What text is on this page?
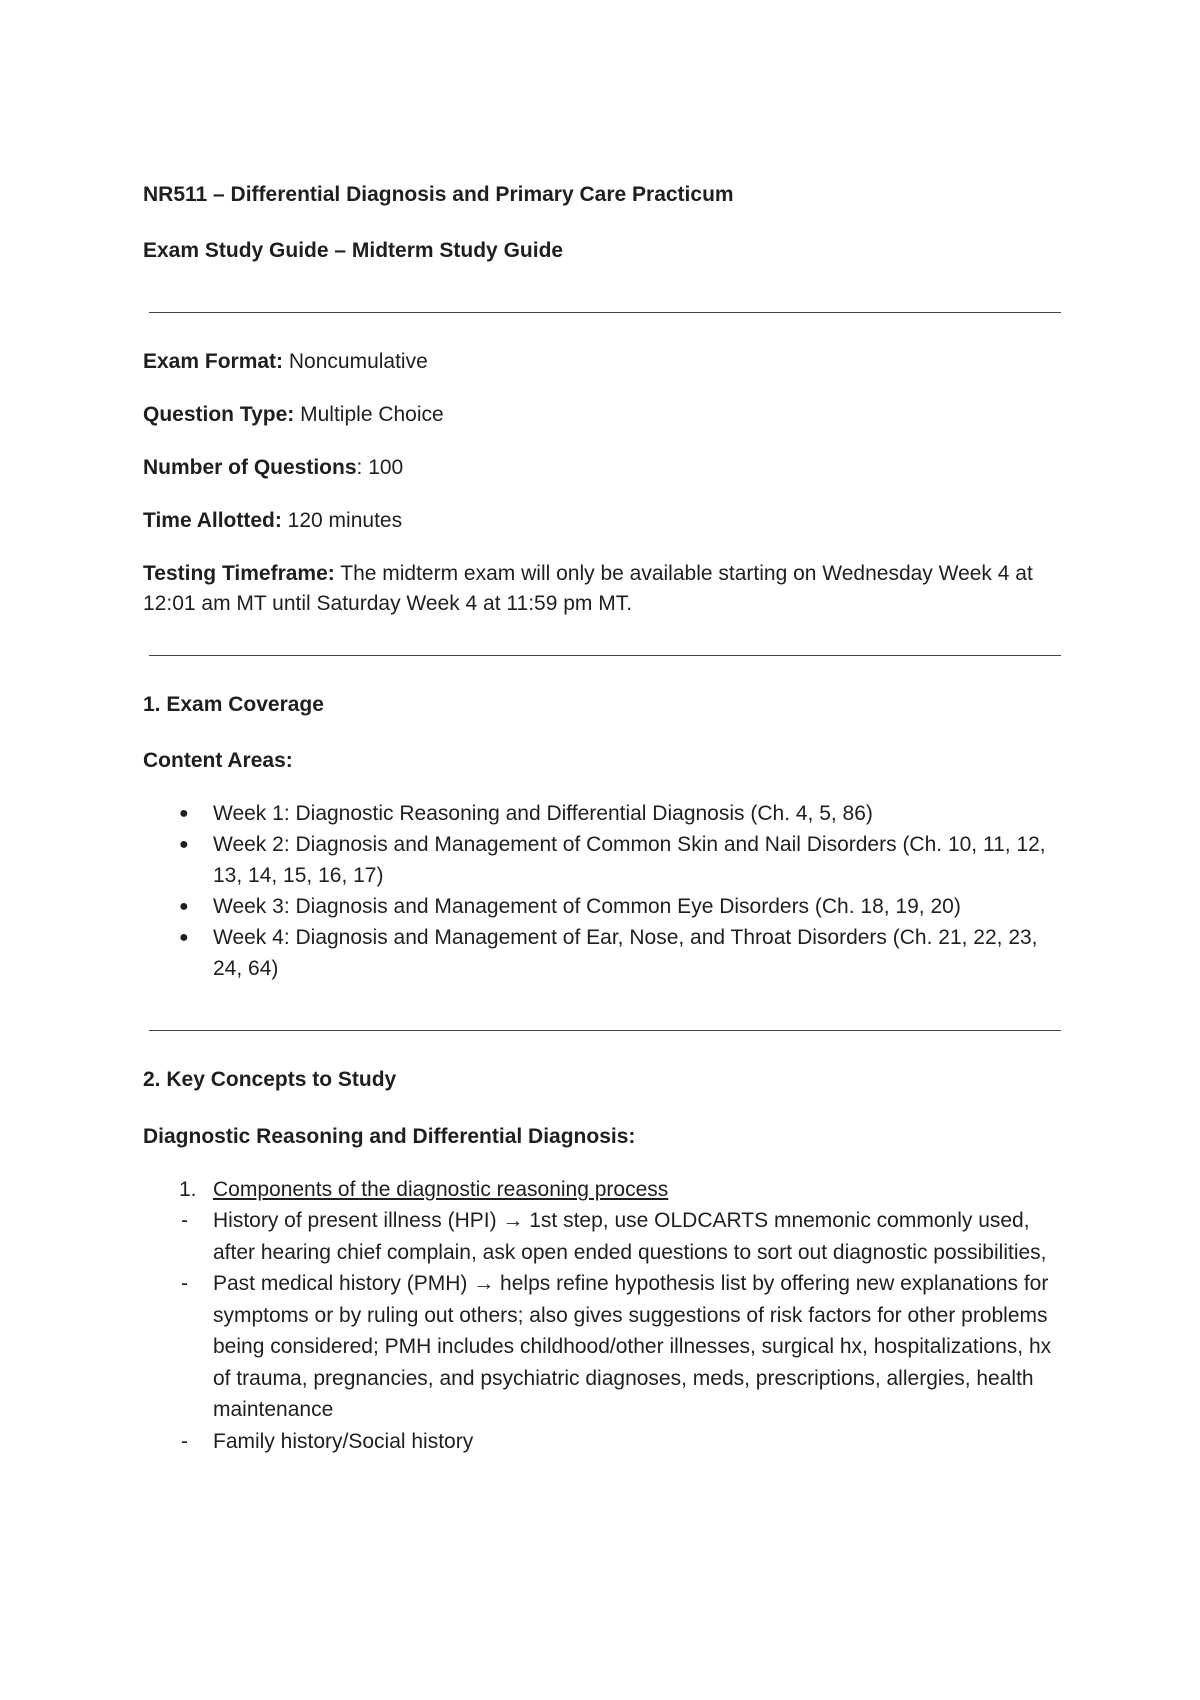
NR511 – Differential Diagnosis and Primary Care Practicum
Exam Study Guide – Midterm Study Guide

Exam Format: Noncumulative

Question Type: Multiple Choice

Number of Questions: 100

Time Allotted: 120 minutes

Testing Timeframe: The midterm exam will only be available starting on Wednesday Week 4 at 12:01 am MT until Saturday Week 4 at 11:59 pm MT.

1. Exam Coverage

Content Areas:

● Week 1: Diagnostic Reasoning and Differential Diagnosis (Ch. 4, 5, 86)
● Week 2: Diagnosis and Management of Common Skin and Nail Disorders (Ch. 10, 11, 12, 13, 14, 15, 16, 17)
● Week 3: Diagnosis and Management of Common Eye Disorders (Ch. 18, 19, 20)
● Week 4: Diagnosis and Management of Ear, Nose, and Throat Disorders (Ch. 21, 22, 23, 24, 64)

2. Key Concepts to Study

Diagnostic Reasoning and Differential Diagnosis:

1. Components of the diagnostic reasoning process
- History of present illness (HPI) → 1st step, use OLDCARTS mnemonic commonly used, after hearing chief complain, ask open ended questions to sort out diagnostic possibilities,
- Past medical history (PMH) → helps refine hypothesis list by offering new explanations for symptoms or by ruling out others; also gives suggestions of risk factors for other problems being considered; PMH includes childhood/other illnesses, surgical hx, hospitalizations, hx of trauma, pregnancies, and psychiatric diagnoses, meds, prescriptions, allergies, health maintenance
- Family history/Social history
